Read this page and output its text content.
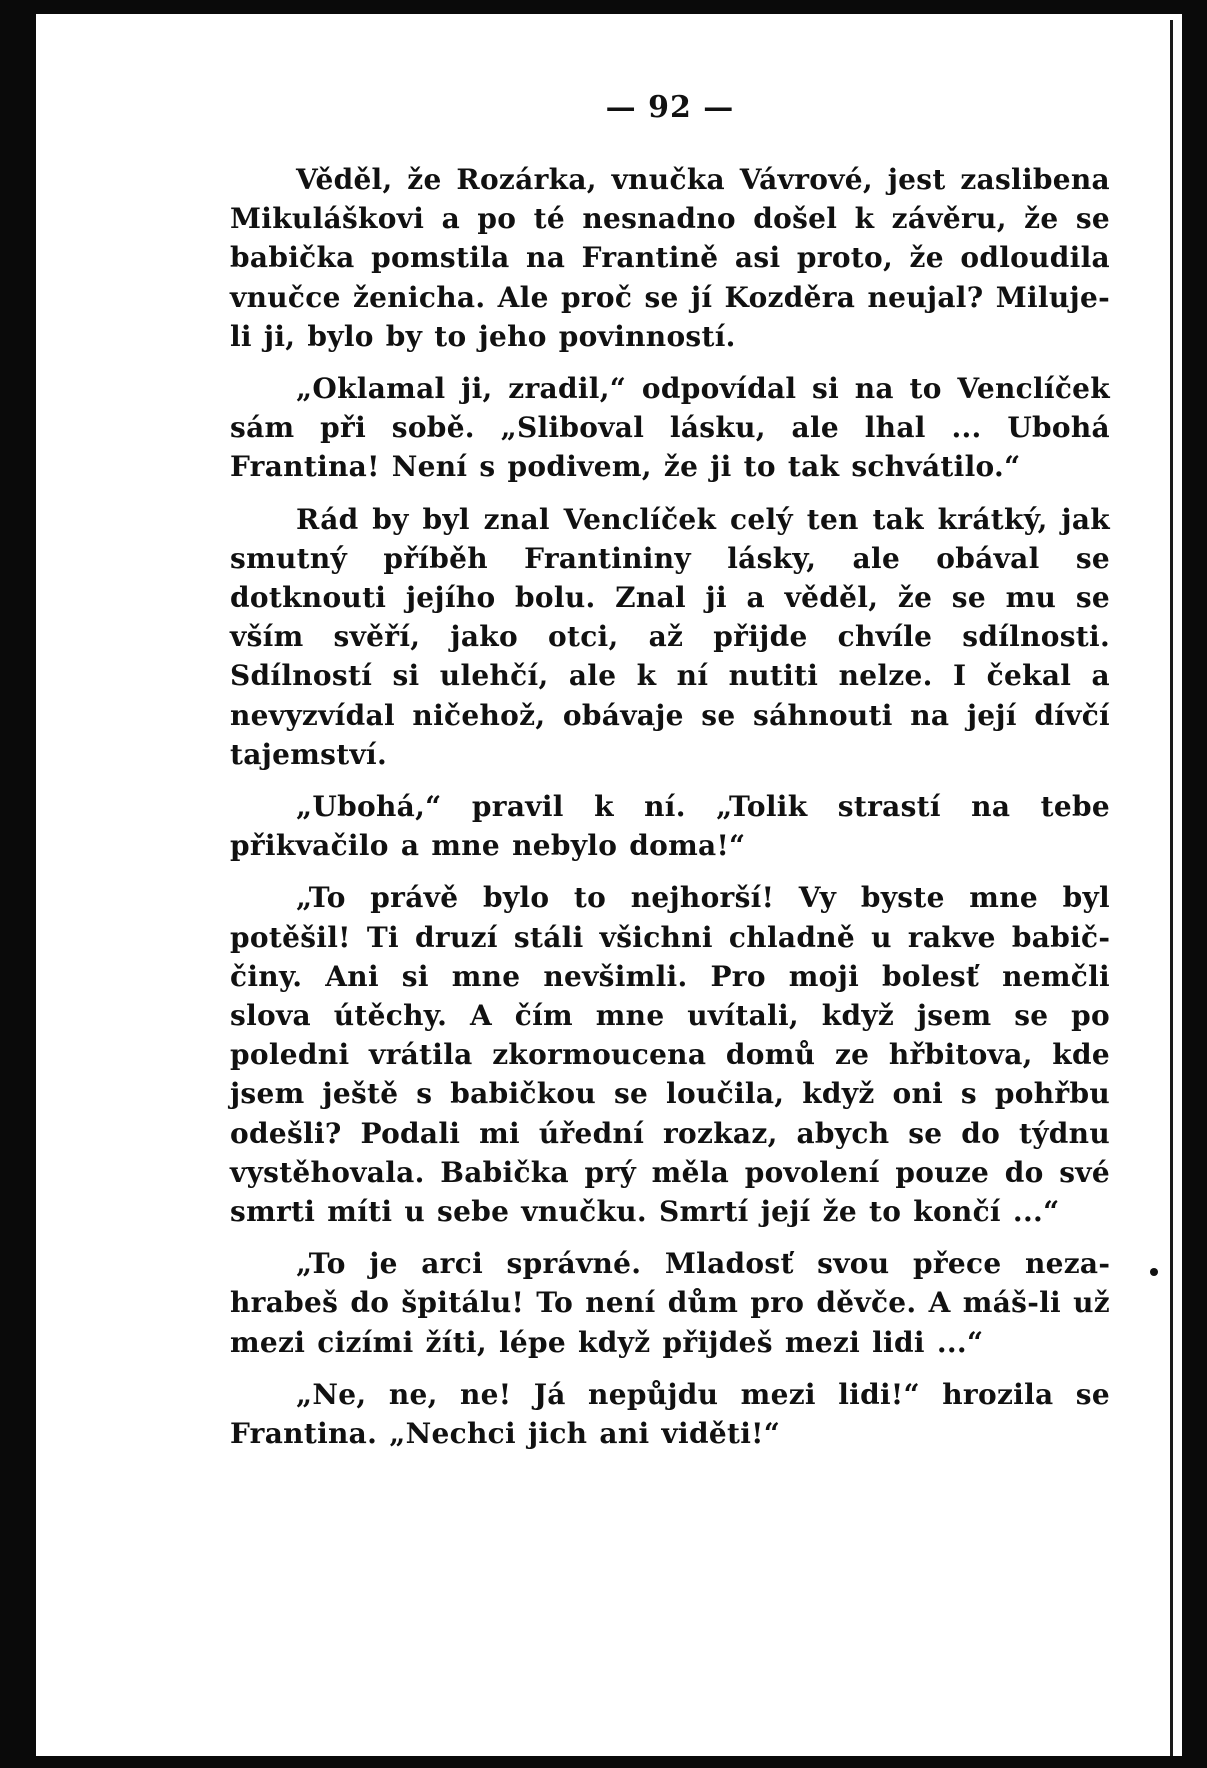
— 92 —

Věděl, že Rozárka, vnučka Vávrové, jest zaslibena Mikuláškovi a po té nesnadno došel k závěru, že se babička pomstila na Frantině asi proto, že odloudila vnučce ženicha. Ale proč se jí Kozděra neujal? Miluje-li ji, bylo by to jeho povinností.

„Oklamal ji, zradil,“ odpovídal si na to Venclíček sám při sobě. „Sliboval lásku, ale lhal ... Ubohá Frantina! Není s podivem, že ji to tak schvátilo.“

Rád by byl znal Venclíček celý ten tak krátký, jak smutný příběh Frantininy lásky, ale obával se dotknouti jejího bolu. Znal ji a věděl, že se mu se vším svěří, jako otci, až přijde chvíle sdílnosti. Sdílností si ulehčí, ale k ní nutiti nelze. I čekal a nevyzvídal ničehož, obávaje se sáhnouti na její dívčí tajemství.

„Ubohá,“ pravil k ní. „Tolik strastí na tebe přikvačilo a mne nebylo doma!“

„To právě bylo to nejhorší! Vy byste mne byl potěšil! Ti druzí stáli všichni chladně u rakve babiččiny. Ani si mne nevšimli. Pro moji bolesť nemčli slova útěchy. A čím mne uvítali, když jsem se po poledni vrátila zkormoucena domů ze hřbitova, kde jsem ještě s babičkou se loučila, když oni s pohřbu odešli? Podali mi úřední rozkaz, abych se do týdnu vystěhovala. Babička prý měla povolení pouze do své smrti míti u sebe vnučku. Smrtí její že to končí ...“

„To je arci správné. Mladosť svou přece nezahrabeš do špitálu! To není dům pro děvče. A máš-li už mezi cizími žíti, lépe když přijdeš mezi lidi ...“

„Ne, ne, ne! Já nepůjdu mezi lidi!“ hrozila se Frantina. „Nechci jich ani viděti!“
